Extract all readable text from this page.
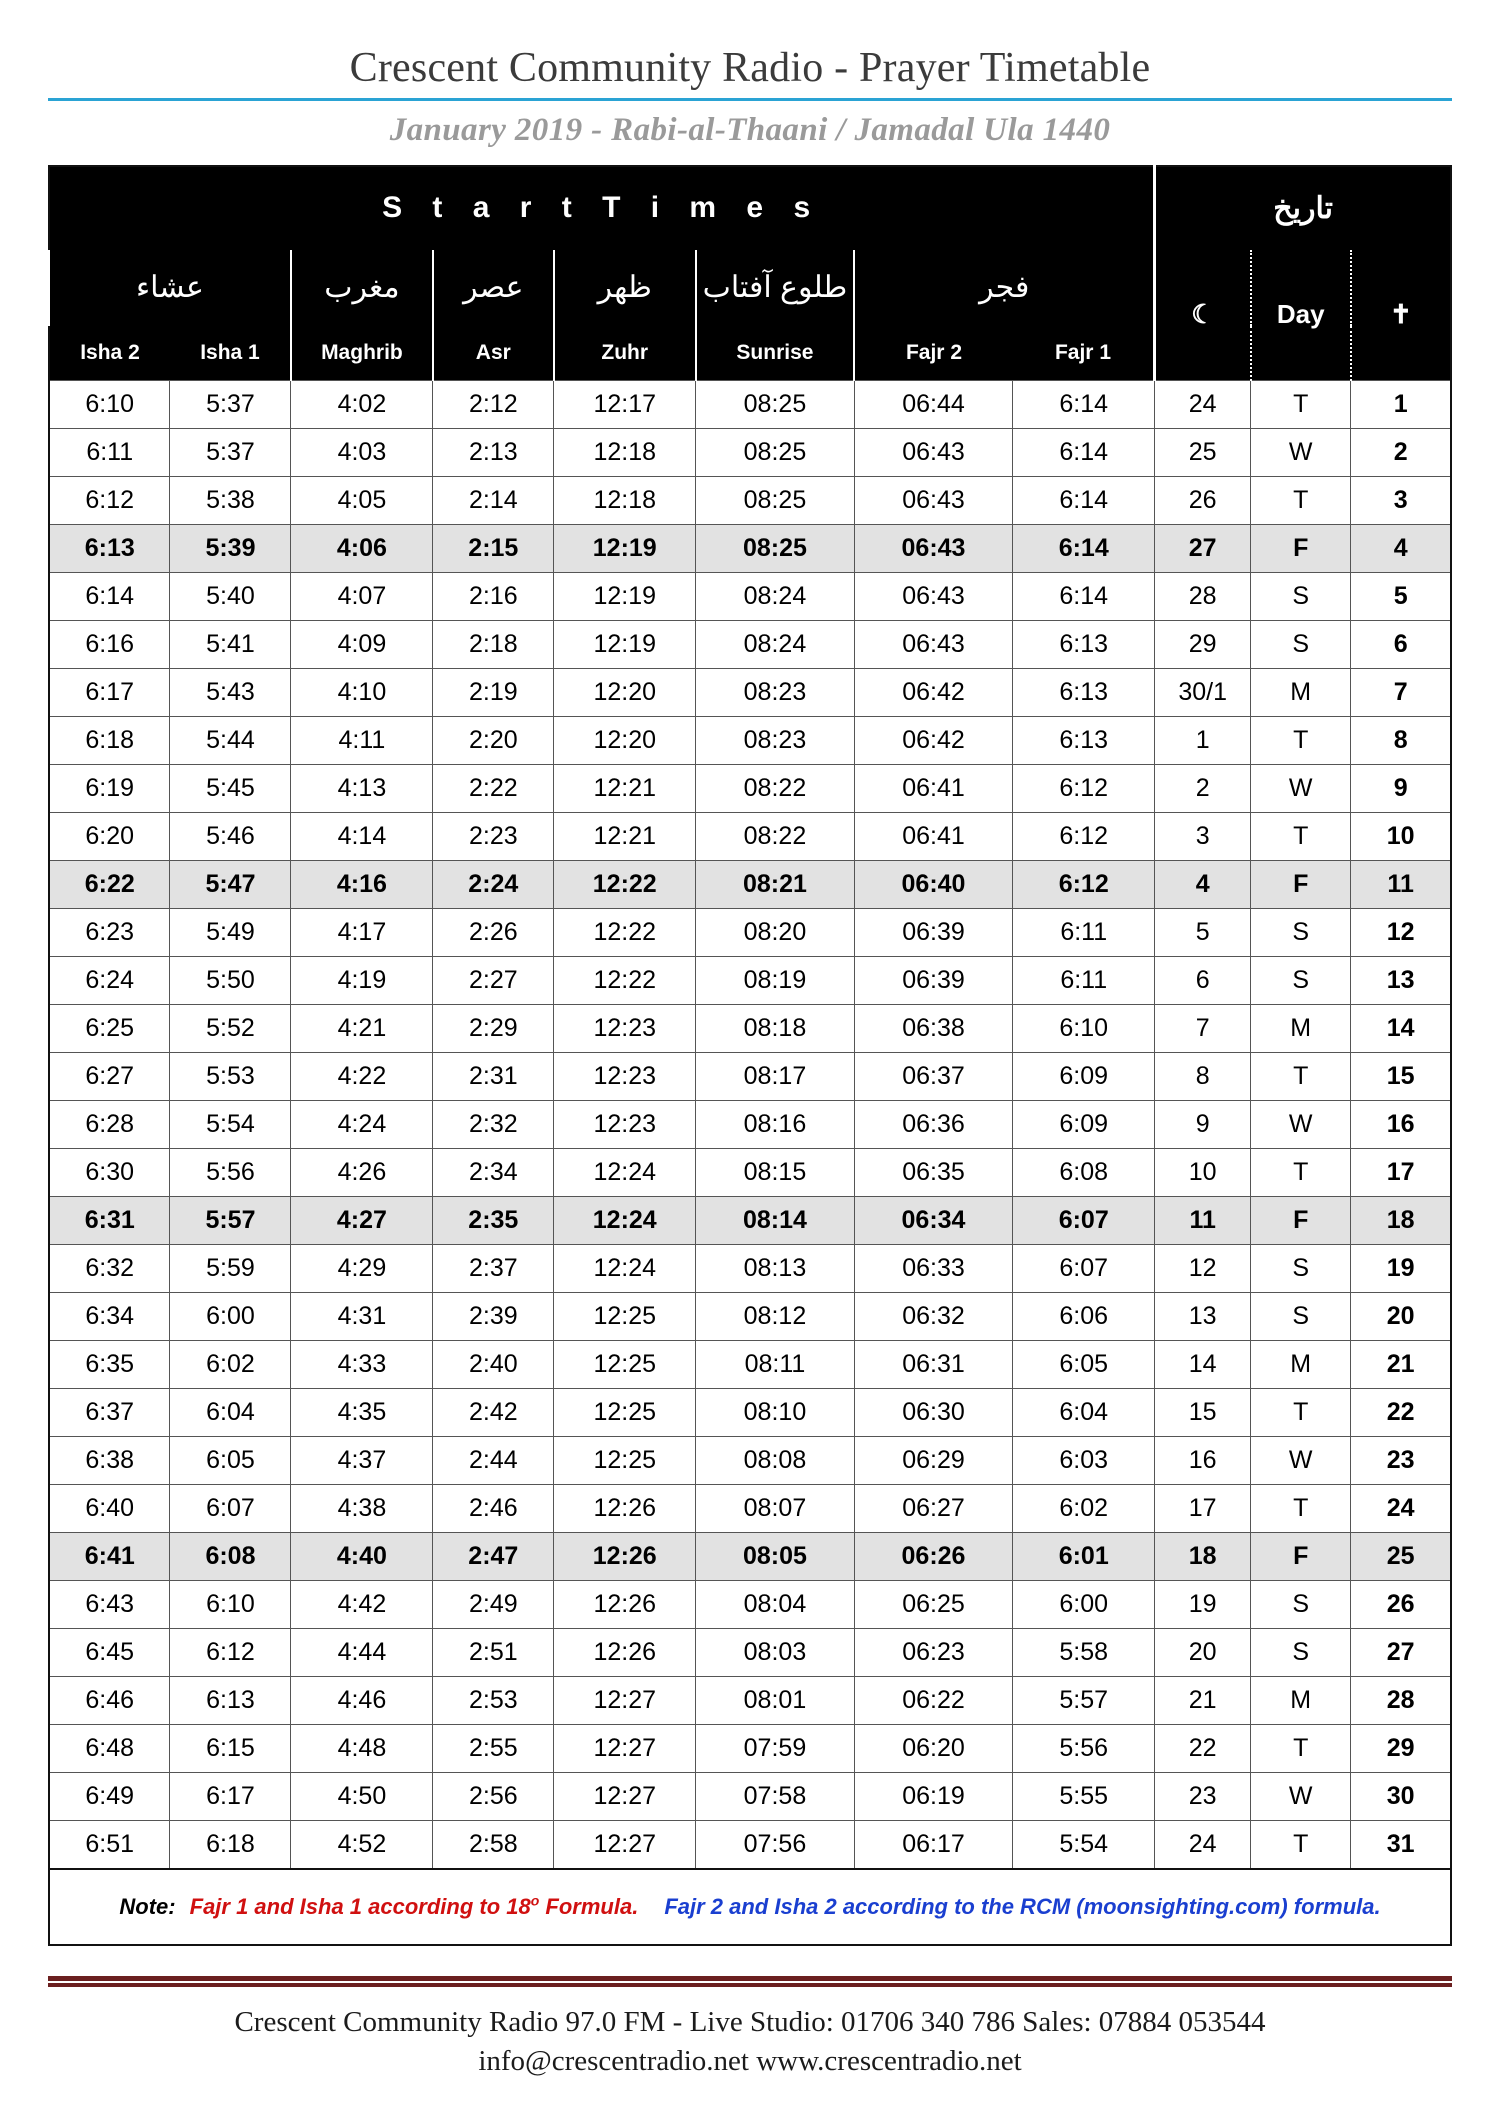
Crescent Community Radio - Prayer Timetable
January 2019 - Rabi-al-Thaani / Jamadal Ula 1440
S t a r t T i m e s								تاریخ		
عشاء		مغرب	عصر	ظهر	طلوع آفتاب	فجر		☾	Day	✝
Isha 2	Isha 1	Maghrib	Asr	Zuhr	Sunrise	Fajr 2	Fajr 1			
6:10	5:37	4:02	2:12	12:17	08:25	06:44	6:14	24	T	1
6:11	5:37	4:03	2:13	12:18	08:25	06:43	6:14	25	W	2
6:12	5:38	4:05	2:14	12:18	08:25	06:43	6:14	26	T	3
6:13	5:39	4:06	2:15	12:19	08:25	06:43	6:14	27	F	4
6:14	5:40	4:07	2:16	12:19	08:24	06:43	6:14	28	S	5
6:16	5:41	4:09	2:18	12:19	08:24	06:43	6:13	29	S	6
6:17	5:43	4:10	2:19	12:20	08:23	06:42	6:13	30/1	M	7
6:18	5:44	4:11	2:20	12:20	08:23	06:42	6:13	1	T	8
6:19	5:45	4:13	2:22	12:21	08:22	06:41	6:12	2	W	9
6:20	5:46	4:14	2:23	12:21	08:22	06:41	6:12	3	T	10
6:22	5:47	4:16	2:24	12:22	08:21	06:40	6:12	4	F	11
6:23	5:49	4:17	2:26	12:22	08:20	06:39	6:11	5	S	12
6:24	5:50	4:19	2:27	12:22	08:19	06:39	6:11	6	S	13
6:25	5:52	4:21	2:29	12:23	08:18	06:38	6:10	7	M	14
6:27	5:53	4:22	2:31	12:23	08:17	06:37	6:09	8	T	15
6:28	5:54	4:24	2:32	12:23	08:16	06:36	6:09	9	W	16
6:30	5:56	4:26	2:34	12:24	08:15	06:35	6:08	10	T	17
6:31	5:57	4:27	2:35	12:24	08:14	06:34	6:07	11	F	18
6:32	5:59	4:29	2:37	12:24	08:13	06:33	6:07	12	S	19
6:34	6:00	4:31	2:39	12:25	08:12	06:32	6:06	13	S	20
6:35	6:02	4:33	2:40	12:25	08:11	06:31	6:05	14	M	21
6:37	6:04	4:35	2:42	12:25	08:10	06:30	6:04	15	T	22
6:38	6:05	4:37	2:44	12:25	08:08	06:29	6:03	16	W	23
6:40	6:07	4:38	2:46	12:26	08:07	06:27	6:02	17	T	24
6:41	6:08	4:40	2:47	12:26	08:05	06:26	6:01	18	F	25
6:43	6:10	4:42	2:49	12:26	08:04	06:25	6:00	19	S	26
6:45	6:12	4:44	2:51	12:26	08:03	06:23	5:58	20	S	27
6:46	6:13	4:46	2:53	12:27	08:01	06:22	5:57	21	M	28
6:48	6:15	4:48	2:55	12:27	07:59	06:20	5:56	22	T	29
6:49	6:17	4:50	2:56	12:27	07:58	06:19	5:55	23	W	30
6:51	6:18	4:52	2:58	12:27	07:56	06:17	5:54	24	T	31
Note: Fajr 1 and Isha 1 according to 18$^o$ Formula. Fajr 2 and Isha 2 according to the RCM (moonsighting.com) formula.										
Crescent Community Radio 97.0 FM - Live Studio: 01706 340 786 Sales: 07884 053544
info@crescentradio.net www.crescentradio.net
